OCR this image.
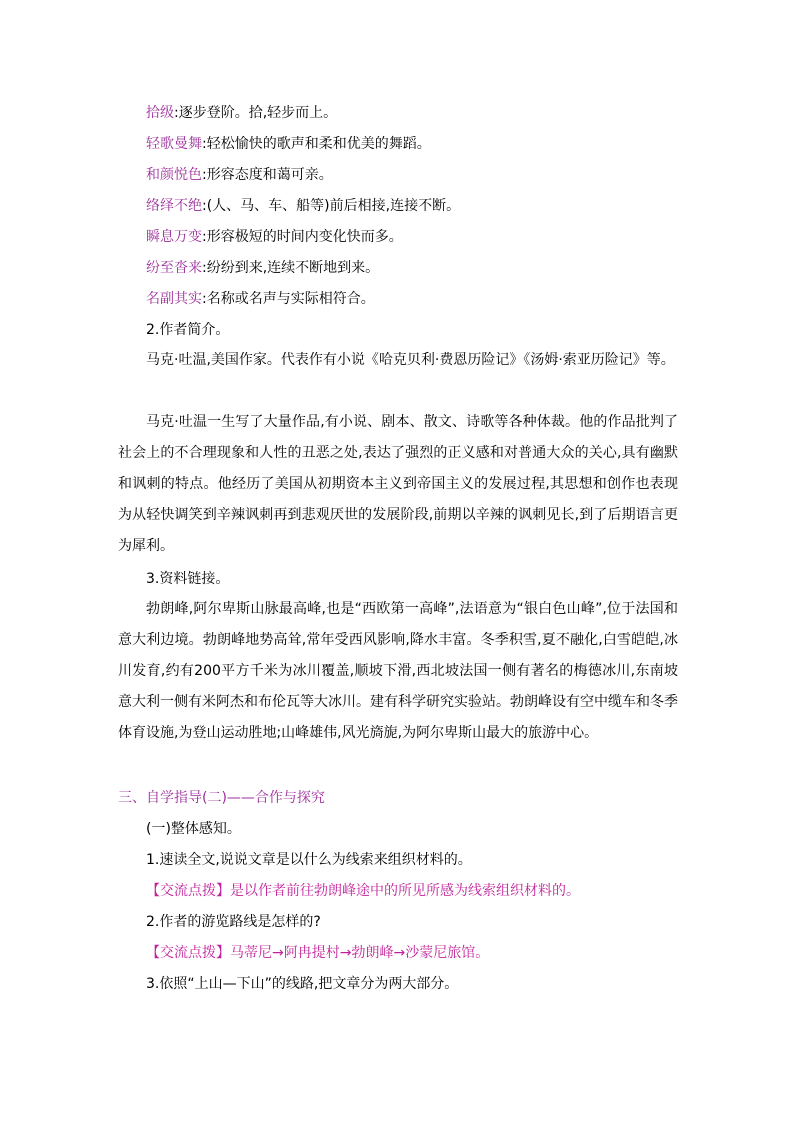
拾级:逐步登阶。拾,轻步而上。
轻歌曼舞:轻松愉快的歌声和柔和优美的舞蹈。
和颜悦色:形容态度和蔼可亲。
络绎不绝:(人、马、车、船等)前后相接,连接不断。
瞬息万变:形容极短的时间内变化快而多。
纷至沓来:纷纷到来,连续不断地到来。
名副其实:名称或名声与实际相符合。
2.作者简介。
马克·吐温,美国作家。代表作有小说《哈克贝利·费恩历险记》《汤姆·索亚历险记》等。
马克·吐温一生写了大量作品,有小说、剧本、散文、诗歌等各种体裁。他的作品批判了社会上的不合理现象和人性的丑恶之处,表达了强烈的正义感和对普通大众的关心,具有幽默和讽刺的特点。他经历了美国从初期资本主义到帝国主义的发展过程,其思想和创作也表现为从轻快调笑到辛辣讽刺再到悲观厌世的发展阶段,前期以辛辣的讽刺见长,到了后期语言更为犀利。
3.资料链接。
勃朗峰,阿尔卑斯山脉最高峰,也是“西欧第一高峰”,法语意为“银白色山峰”,位于法国和意大利边境。勃朗峰地势高耸,常年受西风影响,降水丰富。冬季积雪,夏不融化,白雪皑皑,冰川发育,约有200平方千米为冰川覆盖,顺坡下滑,西北坡法国一侧有著名的梅德冰川,东南坡意大利一侧有米阿杰和布伦瓦等大冰川。建有科学研究实验站。勃朗峰设有空中缆车和冬季体育设施,为登山运动胜地;山峰雄伟,风光旖旎,为阿尔卑斯山最大的旅游中心。
三、自学指导(二)——合作与探究
(一)整体感知。
1.速读全文,说说文章是以什么为线索来组织材料的。
【交流点拨】是以作者前往勃朗峰途中的所见所感为线索组织材料的。
2.作者的游览路线是怎样的?
【交流点拨】马蒂尼→阿冉提村→勃朗峰→沙蒙尼旅馆。
3.依照“上山—下山”的线路,把文章分为两大部分。
